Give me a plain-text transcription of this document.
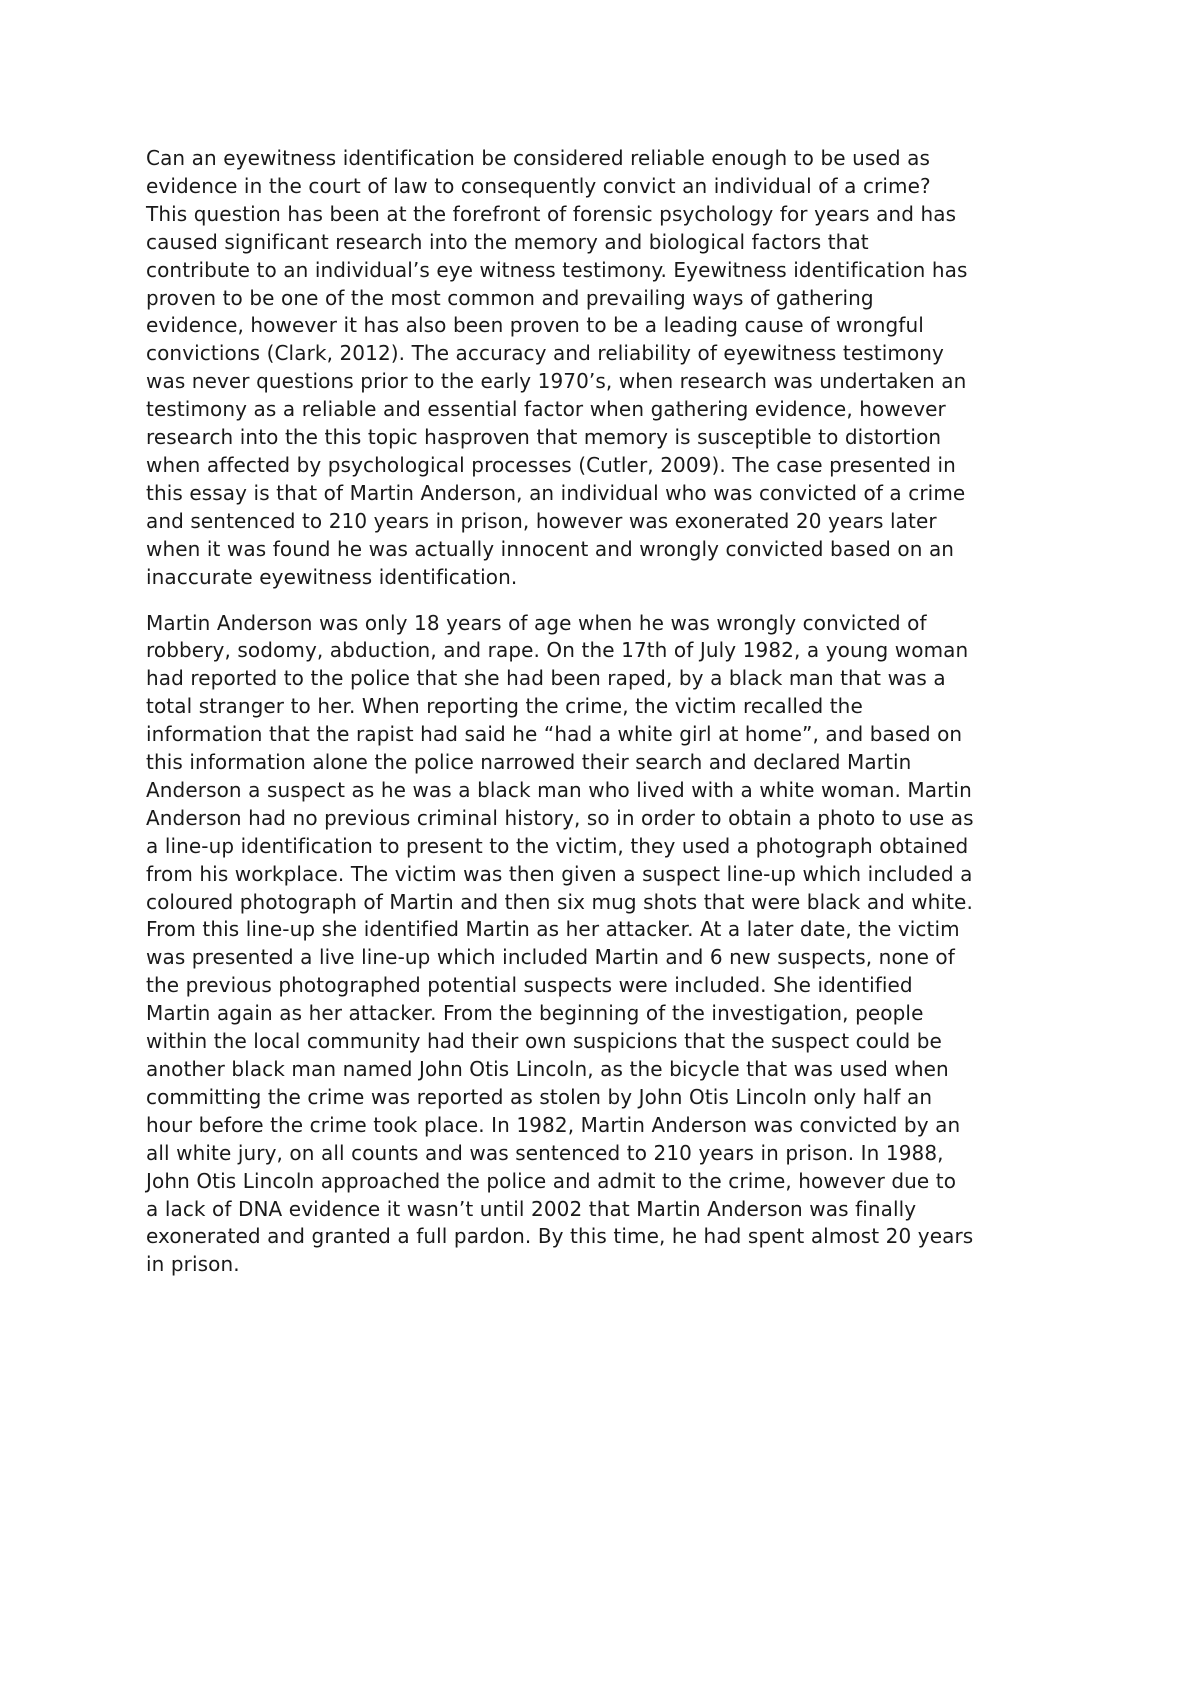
Can an eyewitness identification be considered reliable enough to be used as
evidence in the court of law to consequently convict an individual of a crime?
This question has been at the forefront of forensic psychology for years and has
caused significant research into the memory and biological factors that
contribute to an individual’s eye witness testimony. Eyewitness identification has
proven to be one of the most common and prevailing ways of gathering
evidence, however it has also been proven to be a leading cause of wrongful
convictions (Clark, 2012). The accuracy and reliability of eyewitness testimony
was never questions prior to the early 1970’s, when research was undertaken an
testimony as a reliable and essential factor when gathering evidence, however
research into the this topic hasproven that memory is susceptible to distortion
when affected by psychological processes (Cutler, 2009). The case presented in
this essay is that of Martin Anderson, an individual who was convicted of a crime
and sentenced to 210 years in prison, however was exonerated 20 years later
when it was found he was actually innocent and wrongly convicted based on an
inaccurate eyewitness identification.

Martin Anderson was only 18 years of age when he was wrongly convicted of
robbery, sodomy, abduction, and rape. On the 17th of July 1982, a young woman
had reported to the police that she had been raped, by a black man that was a
total stranger to her. When reporting the crime, the victim recalled the
information that the rapist had said he “had a white girl at home”, and based on
this information alone the police narrowed their search and declared Martin
Anderson a suspect as he was a black man who lived with a white woman. Martin
Anderson had no previous criminal history, so in order to obtain a photo to use as
a line-up identification to present to the victim, they used a photograph obtained
from his workplace. The victim was then given a suspect line-up which included a
coloured photograph of Martin and then six mug shots that were black and white.
From this line-up she identified Martin as her attacker. At a later date, the victim
was presented a live line-up which included Martin and 6 new suspects, none of
the previous photographed potential suspects were included. She identified
Martin again as her attacker. From the beginning of the investigation, people
within the local community had their own suspicions that the suspect could be
another black man named John Otis Lincoln, as the bicycle that was used when
committing the crime was reported as stolen by John Otis Lincoln only half an
hour before the crime took place. In 1982, Martin Anderson was convicted by an
all white jury, on all counts and was sentenced to 210 years in prison. In 1988,
John Otis Lincoln approached the police and admit to the crime, however due to
a lack of DNA evidence it wasn’t until 2002 that Martin Anderson was finally
exonerated and granted a full pardon. By this time, he had spent almost 20 years
in prison.
